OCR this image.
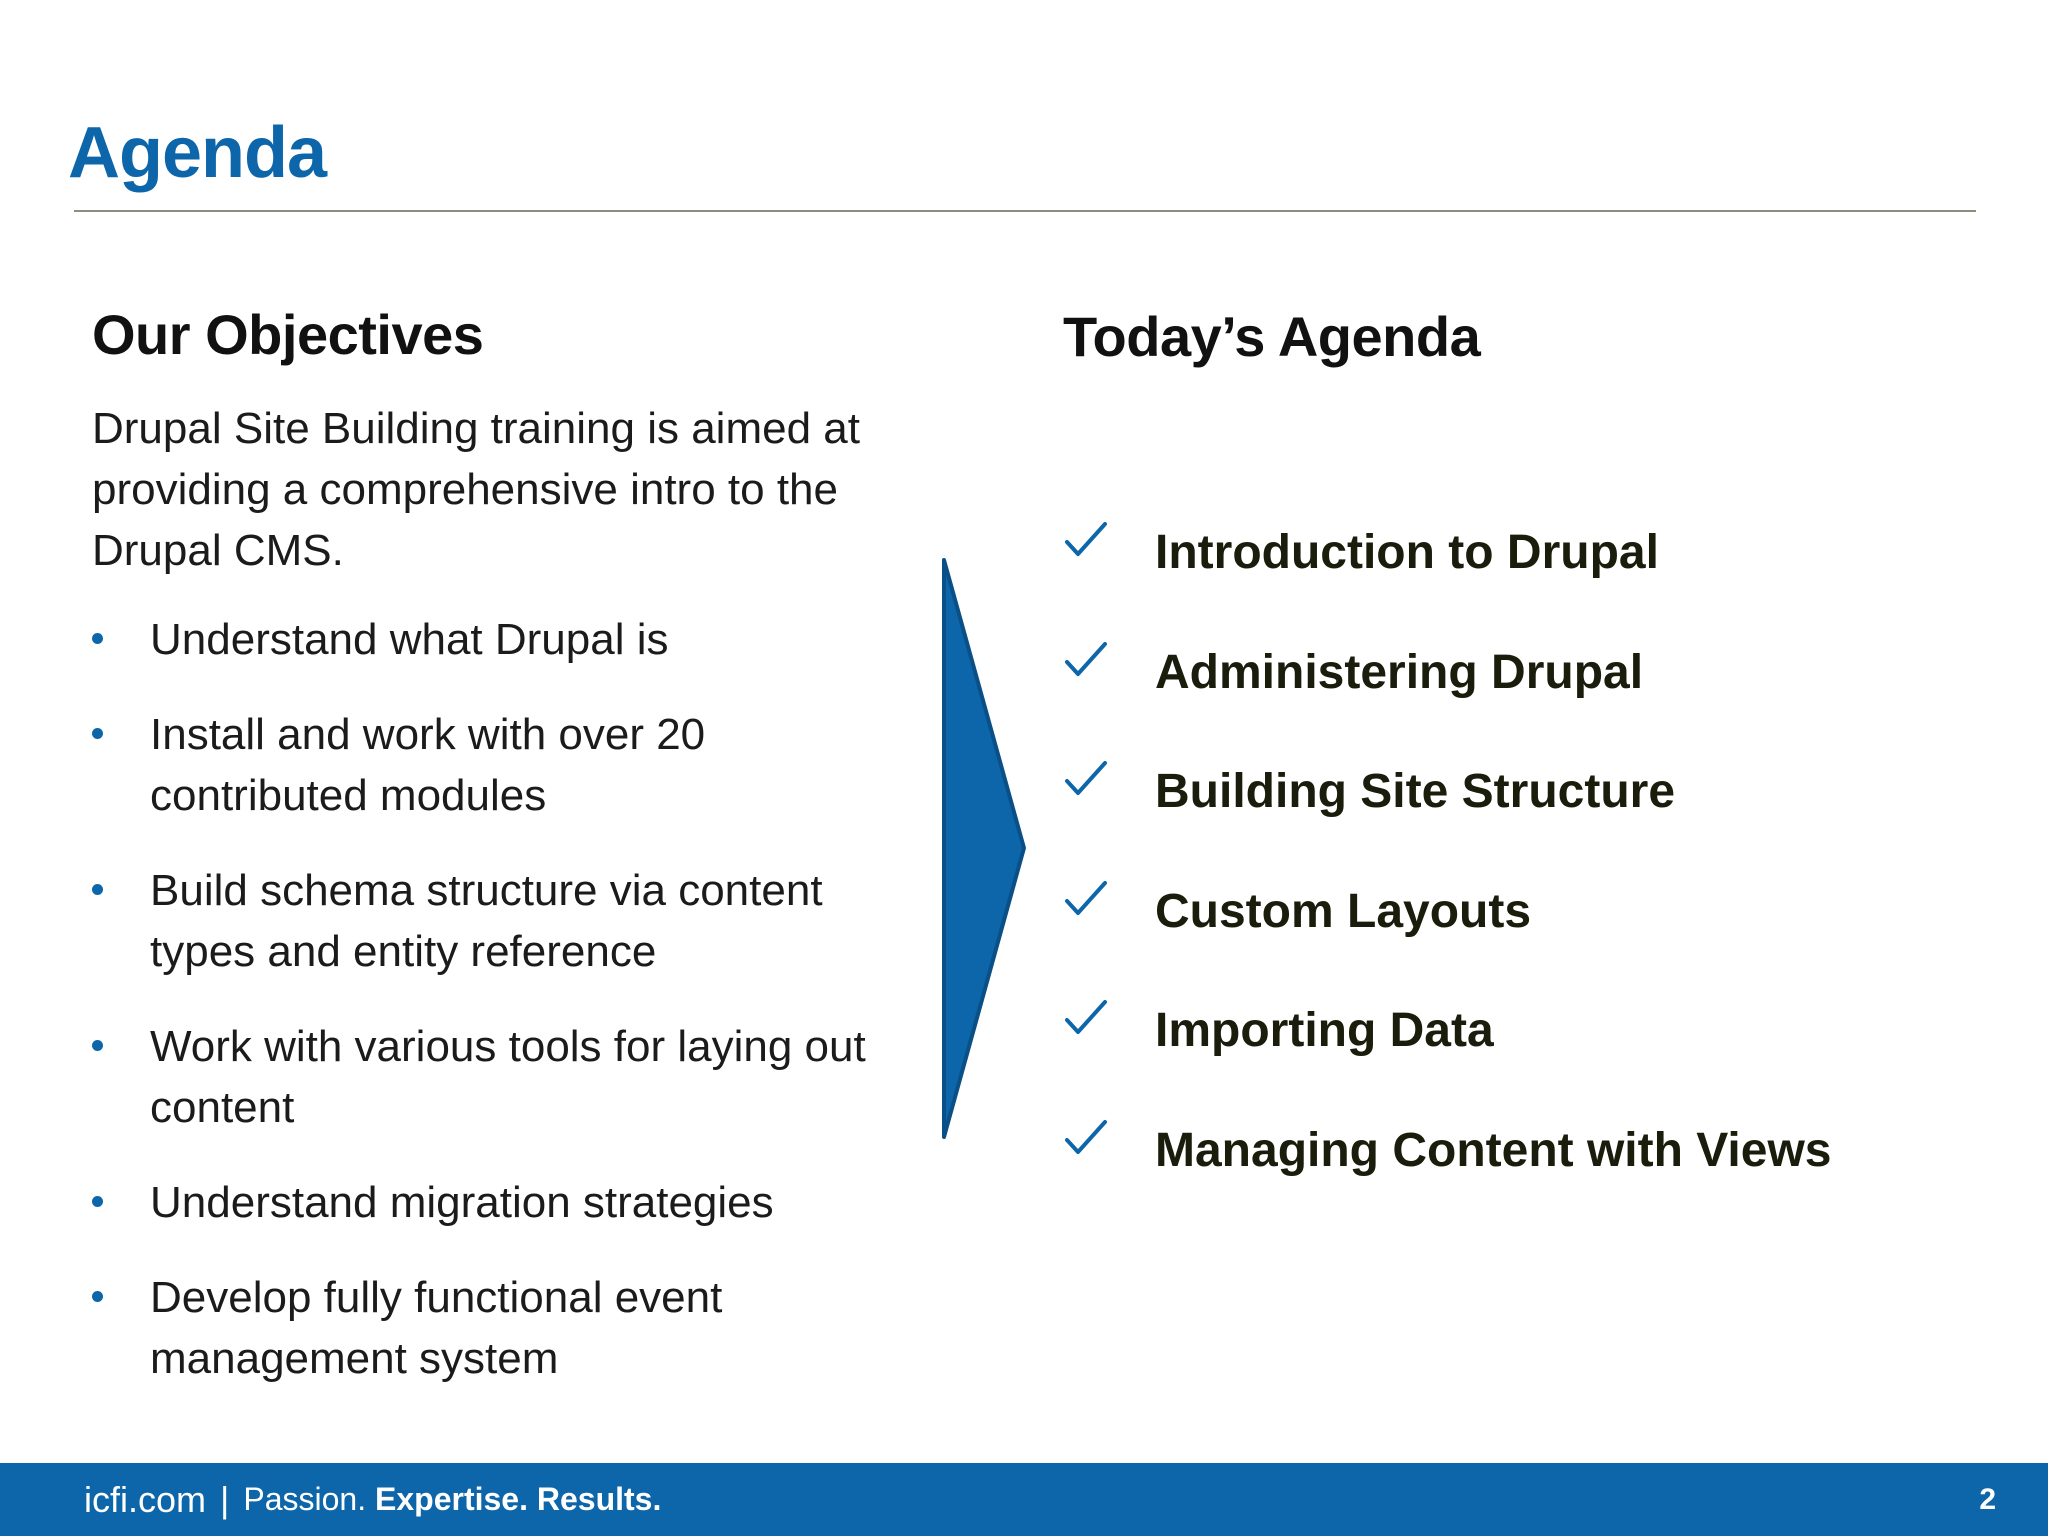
Agenda
Our Objectives
Drupal Site Building training is aimed at providing a comprehensive intro to the Drupal CMS.
Understand what Drupal is
Install and work with over 20 contributed modules
Build schema structure via content types and entity reference
Work with various tools for laying out content
Understand migration strategies
Develop fully functional event management system
Today’s Agenda
Introduction to Drupal
Administering Drupal
Building Site Structure
Custom Layouts
Importing Data
Managing Content with Views
icfi.com | Passion. Expertise. Results.	2
